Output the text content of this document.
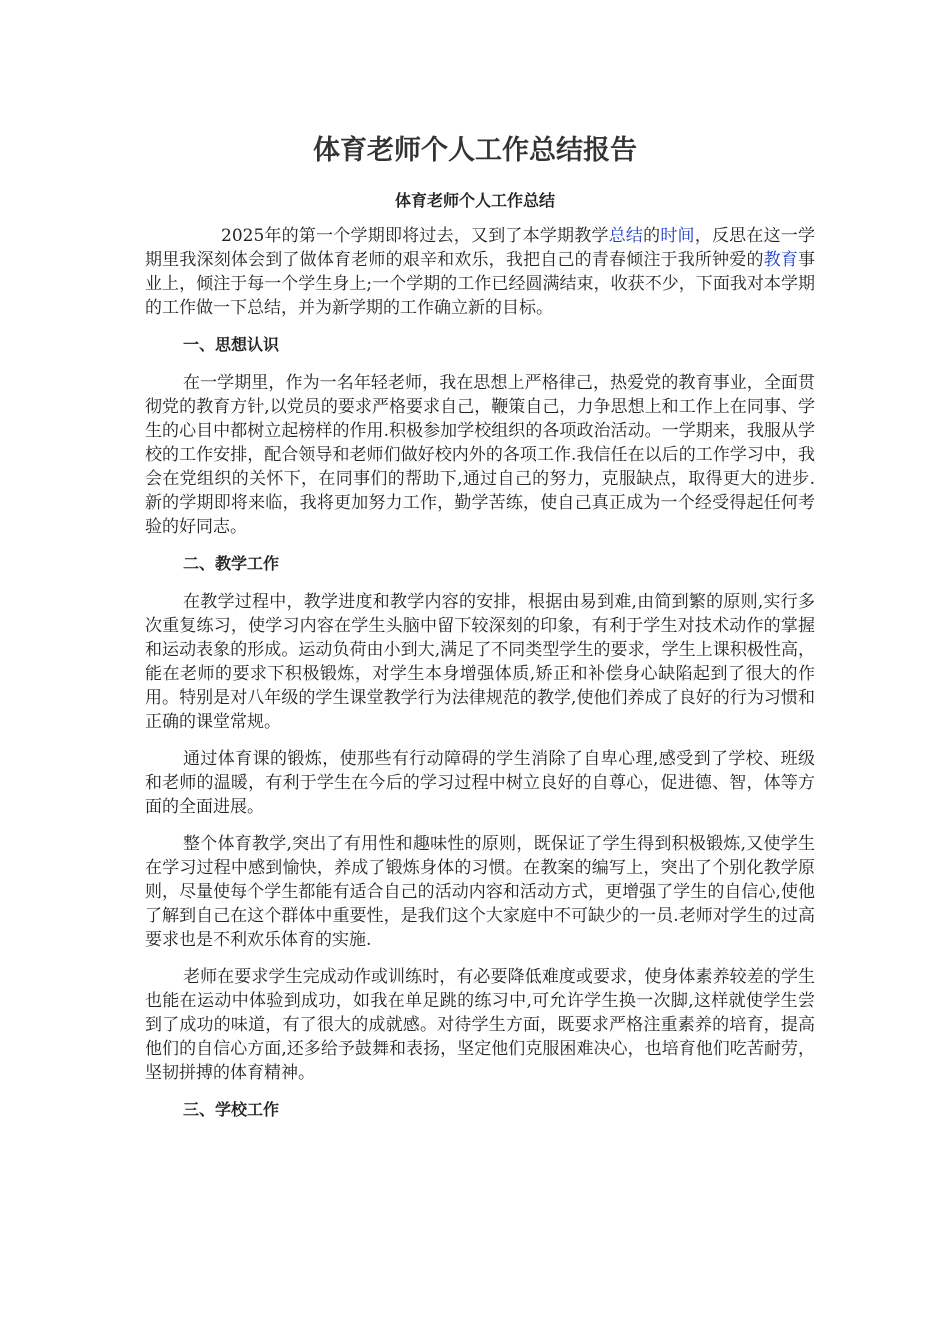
体育老师个人工作总结报告
体育老师个人工作总结

2025年的第一个学期即将过去，又到了本学期教学总结的时间，反思在这一学期里我深刻体会到了做体育老师的艰辛和欢乐，我把自己的青春倾注于我所钟爱的教育事业上，倾注于每一个学生身上;一个学期的工作已经圆满结束，收获不少，下面我对本学期的工作做一下总结，并为新学期的工作确立新的目标。

一、思想认识

在一学期里，作为一名年轻老师，我在思想上严格律己，热爱党的教育事业，全面贯彻党的教育方针,以党员的要求严格要求自己，鞭策自己，力争思想上和工作上在同事、学生的心目中都树立起榜样的作用.积极参加学校组织的各项政治活动。一学期来，我服从学校的工作安排，配合领导和老师们做好校内外的各项工作.我信任在以后的工作学习中，我会在党组织的关怀下，在同事们的帮助下,通过自己的努力，克服缺点，取得更大的进步.新的学期即将来临，我将更加努力工作，勤学苦练，使自己真正成为一个经受得起任何考验的好同志。

二、教学工作

在教学过程中，教学进度和教学内容的安排，根据由易到难,由简到繁的原则,实行多次重复练习，使学习内容在学生头脑中留下较深刻的印象，有利于学生对技术动作的掌握和运动表象的形成。运动负荷由小到大,满足了不同类型学生的要求，学生上课积极性高，能在老师的要求下积极锻炼，对学生本身增强体质,矫正和补偿身心缺陷起到了很大的作用。特别是对八年级的学生课堂教学行为法律规范的教学,使他们养成了良好的行为习惯和正确的课堂常规。

通过体育课的锻炼，使那些有行动障碍的学生消除了自卑心理,感受到了学校、班级和老师的温暖，有利于学生在今后的学习过程中树立良好的自尊心，促进德、智，体等方面的全面进展。

整个体育教学,突出了有用性和趣味性的原则，既保证了学生得到积极锻炼,又使学生在学习过程中感到愉快，养成了锻炼身体的习惯。在教案的编写上，突出了个别化教学原则，尽量使每个学生都能有适合自己的活动内容和活动方式，更增强了学生的自信心,使他了解到自己在这个群体中重要性，是我们这个大家庭中不可缺少的一员.老师对学生的过高要求也是不利欢乐体育的实施.

老师在要求学生完成动作或训练时，有必要降低难度或要求，使身体素养较差的学生也能在运动中体验到成功，如我在单足跳的练习中,可允许学生换一次脚,这样就使学生尝到了成功的味道，有了很大的成就感。对待学生方面，既要求严格注重素养的培育，提高他们的自信心方面,还多给予鼓舞和表扬，坚定他们克服困难决心，也培育他们吃苦耐劳，坚韧拼搏的体育精神。

三、学校工作
